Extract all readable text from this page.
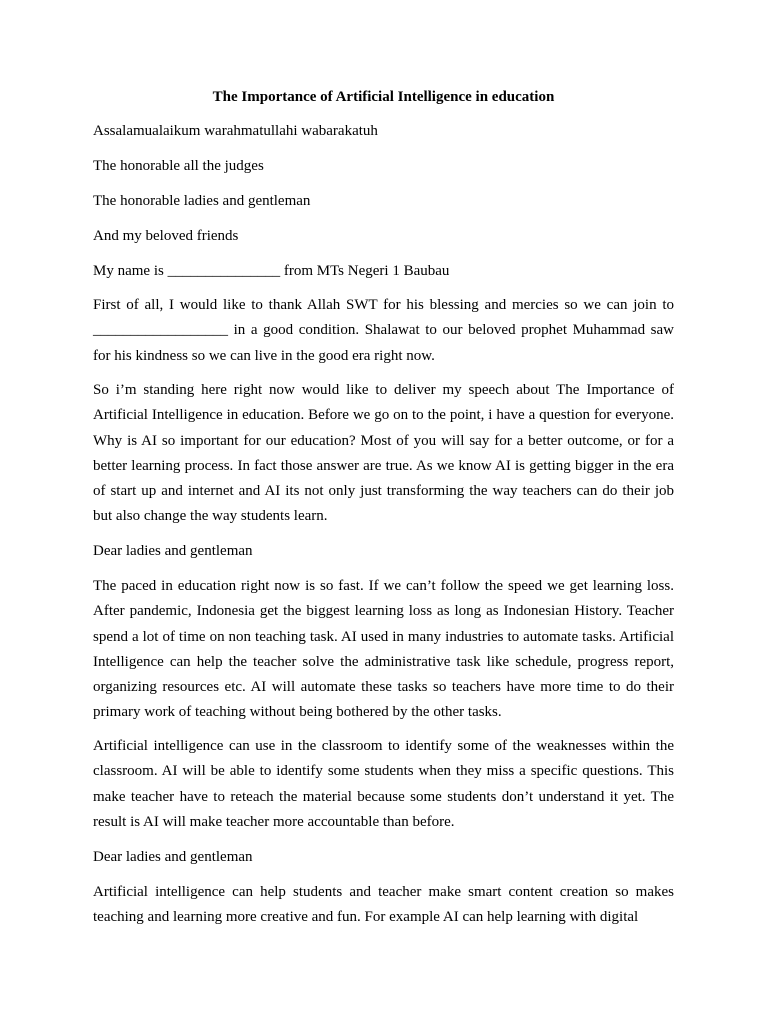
The Importance of Artificial Intelligence in education

Assalamualaikum warahmatullahi wabarakatuh

The honorable all the judges

The honorable ladies and gentleman

And my beloved friends

My name is _______________ from MTs Negeri 1 Baubau

First of all, I would like to thank Allah SWT for his blessing and mercies so we can join to __________________ in a good condition. Shalawat to our beloved prophet Muhammad saw for his kindness so we can live in the good era right now.

So i’m standing here right now would like to deliver my speech about The Importance of Artificial Intelligence in education. Before we go on to the point, i have a question for everyone. Why is AI so important for our education? Most of you will say for a better outcome, or for a better learning process. In fact those answer are true. As we know AI is getting bigger in the era of start up and internet and AI its not only just transforming the way teachers can do their job but also change the way students learn.

Dear ladies and gentleman

The paced in education right now is so fast. If we can’t follow the speed we get learning loss. After pandemic, Indonesia get the biggest learning loss as long as Indonesian History. Teacher spend a lot of time on non teaching task. AI used in many industries to automate tasks. Artificial Intelligence can help the teacher solve the administrative task like schedule, progress report, organizing resources etc. AI will automate these tasks so teachers have more time to do their primary work of teaching without being bothered by the other tasks.

Artificial intelligence can use in the classroom to identify some of the weaknesses within the classroom. AI will be able to identify some students when they miss a specific questions. This make teacher have to reteach the material because some students don’t understand it yet. The result is AI will make teacher more accountable than before.

Dear ladies and gentleman

Artificial intelligence can help students and teacher make smart content creation so makes teaching and learning more creative and fun. For example AI can help learning with digital
